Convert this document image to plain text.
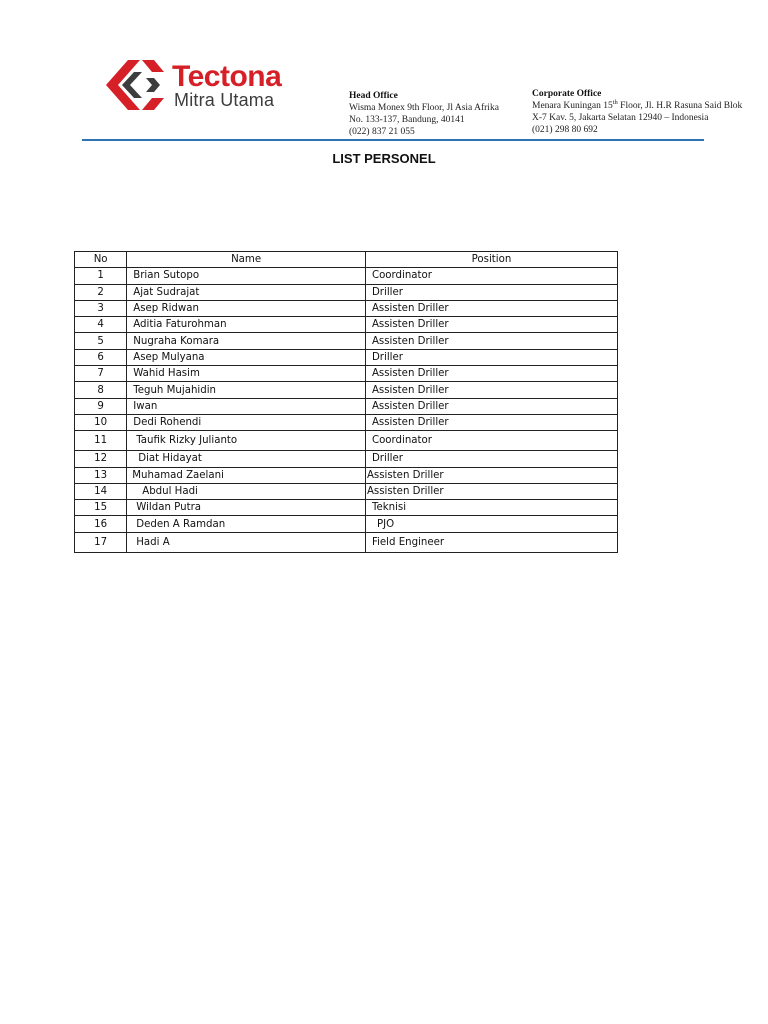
Tectona
Mitra Utama	Head Office
Wisma Monex 9th Floor, Jl Asia Afrika
No. 133-137, Bandung, 40141
(022) 837 21 055
Corporate Office
Menara Kuningan 15th Floor, Jl. H.R Rasuna Said Blok
X-7 Kav. 5, Jakarta Selatan 12940 – Indonesia
(021) 298 80 692
LIST PERSONEL
No	Name	Position
1	Brian Sutopo	Coordinator
2	Ajat Sudrajat	Driller
3	Asep Ridwan	Assisten Driller
4	Aditia Faturohman	Assisten Driller
5	Nugraha Komara	Assisten Driller
6	Asep Mulyana	Driller
7	Wahid Hasim	Assisten Driller
8	Teguh Mujahidin	Assisten Driller
9	Iwan	Assisten Driller
10	Dedi Rohendi	Assisten Driller
11	Taufik Rizky Julianto	Coordinator
12	Diat Hidayat	Driller
13	Muhamad Zaelani	Assisten Driller
14	Abdul Hadi	Assisten Driller
15	Wildan Putra	Teknisi
16	Deden A Ramdan	PJO
17	Hadi A	Field Engineer
